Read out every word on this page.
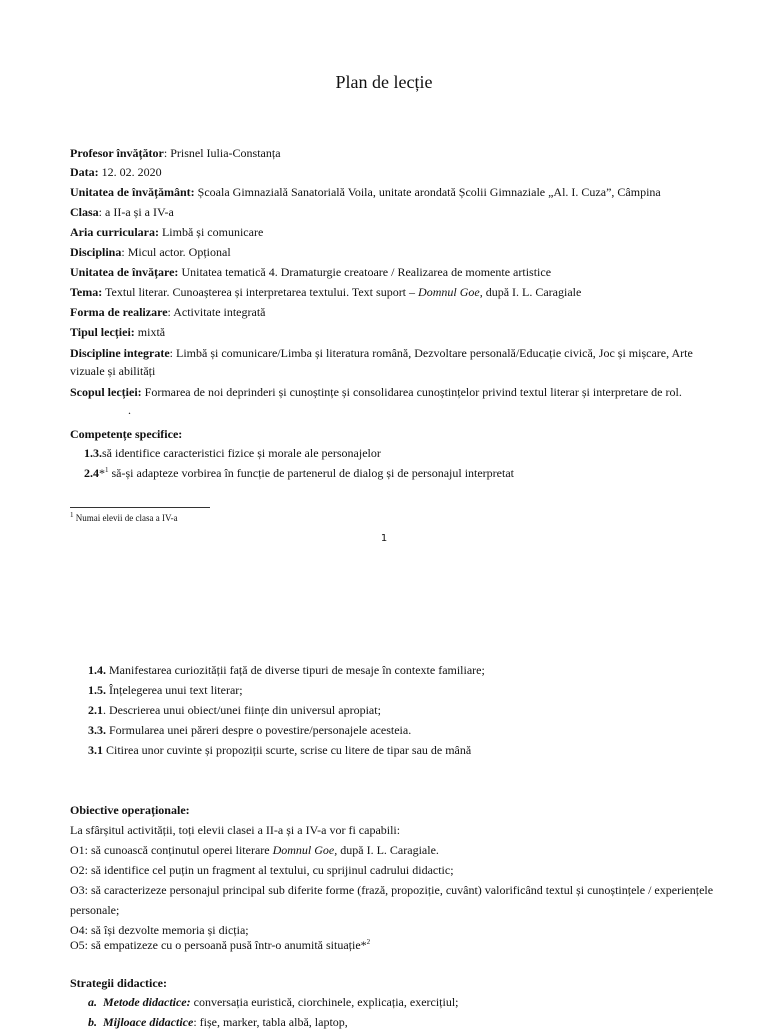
Plan de lecție
Profesor învățător: Prisnel Iulia-Constanța
Data: 12. 02. 2020
Unitatea de învățământ: Școala Gimnazială Sanatorială Voila, unitate arondată Școlii Gimnaziale „Al. I. Cuza”, Câmpina
Clasa: a II-a și a IV-a
Aria curriculara: Limbă și comunicare
Disciplina: Micul actor. Opțional
Unitatea de învățare: Unitatea tematică 4. Dramaturgie creatoare / Realizarea de momente artistice
Tema: Textul literar. Cunoașterea și interpretarea textului. Text suport – Domnul Goe, după I. L. Caragiale
Forma de realizare: Activitate integrată
Tipul lecției: mixtă
Discipline integrate: Limbă și comunicare/Limba și literatura română, Dezvoltare personală/Educație civică, Joc și mișcare, Arte
vizuale și abilități
Scopul lecției: Formarea de noi deprinderi și cunoștințe și consolidarea cunoștințelor privind textul literar și interpretare de rol.
.
Competențe specifice:
1.3.să identifice caracteristici fizice și morale ale personajelor
2.4*$^1$ să-și adapteze vorbirea în funcție de partenerul de dialog și de personajul interpretat
$^1$ Numai elevii de clasa a IV-a
1
1.4. Manifestarea curiozității față de diverse tipuri de mesaje în contexte familiare;
1.5. Înțelegerea unui text literar;
2.1. Descrierea unui obiect/unei ființe din universul apropiat;
3.3. Formularea unei păreri despre o povestire/personajele acesteia.
3.1 Citirea unor cuvinte și propoziții scurte, scrise cu litere de tipar sau de mână
Obiective operaționale:
La sfârșitul activității, toți elevii clasei a II-a și a IV-a vor fi capabili:
O1: să cunoască conținutul operei literare Domnul Goe, după I. L. Caragiale.
O2: să identifice cel puțin un fragment al textului, cu sprijinul cadrului didactic;
O3: să caracterizeze personajul principal sub diferite forme (frază, propoziție, cuvânt) valorificând textul și cunoștințele / experiențele
personale;
O4: să își dezvolte memoria și dicția;
O5: să empatizeze cu o persoană pusă într-o anumită situație*$^2$
Strategii didactice:
a. Metode didactice: conversația euristică, ciorchinele, explicația, exercițiul;
b. Mijloace didactice: fișe, marker, tabla albă, laptop,
